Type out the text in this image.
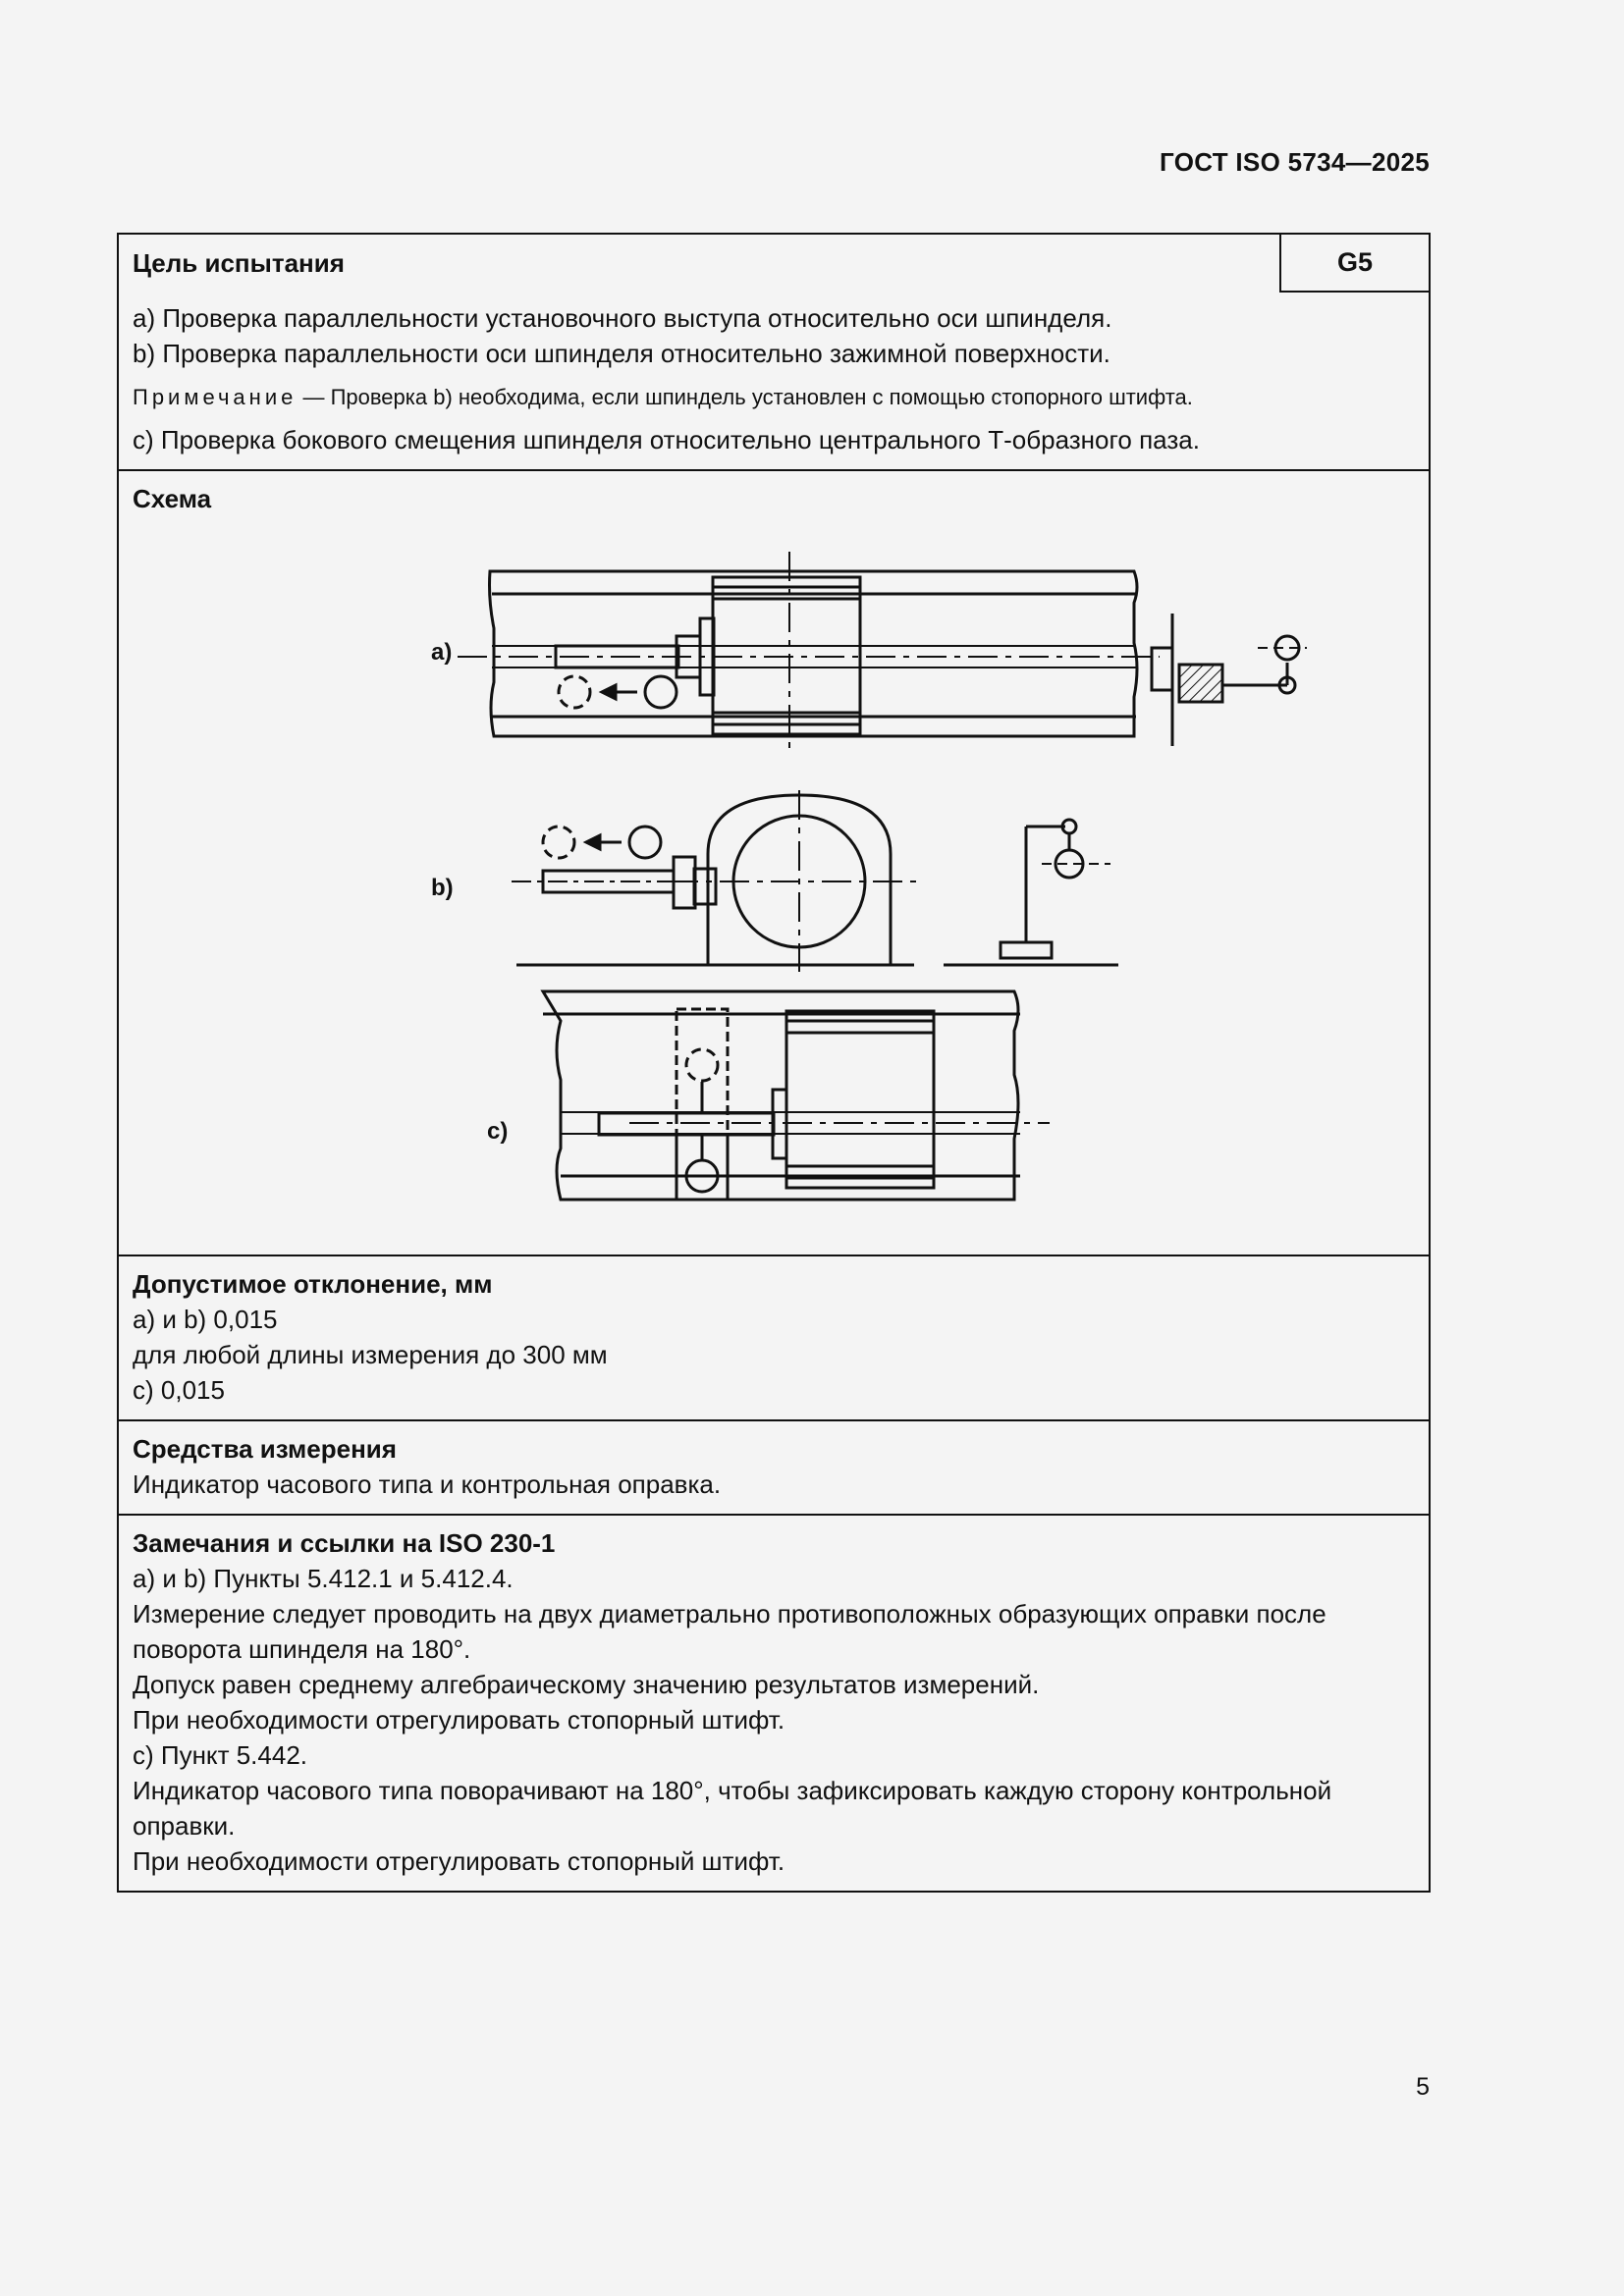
ГОСТ ISO 5734—2025
Цель испытания	G5
a) Проверка параллельности установочного выступа относительно оси шпинделя.
b) Проверка параллельности оси шпинделя относительно зажимной поверхности.
Примечание — Проверка b) необходима, если шпиндель установлен с помощью стопорного штифта.
c) Проверка бокового смещения шпинделя относительно центрального Т-образного паза.
Схема
a)
b)
c)
Допустимое отклонение, мм
a) и b) 0,015
для любой длины измерения до 300 мм
c) 0,015
Средства измерения
Индикатор часового типа и контрольная оправка.
Замечания и ссылки на ISO 230-1
a) и b) Пункты 5.412.1 и 5.412.4.
Измерение следует проводить на двух диаметрально противоположных образующих оправки после поворота шпинделя на 180°.
Допуск равен среднему алгебраическому значению результатов измерений.
При необходимости отрегулировать стопорный штифт.
c) Пункт 5.442.
Индикатор часового типа поворачивают на 180°, чтобы зафиксировать каждую сторону контрольной оправки.
При необходимости отрегулировать стопорный штифт.
5
